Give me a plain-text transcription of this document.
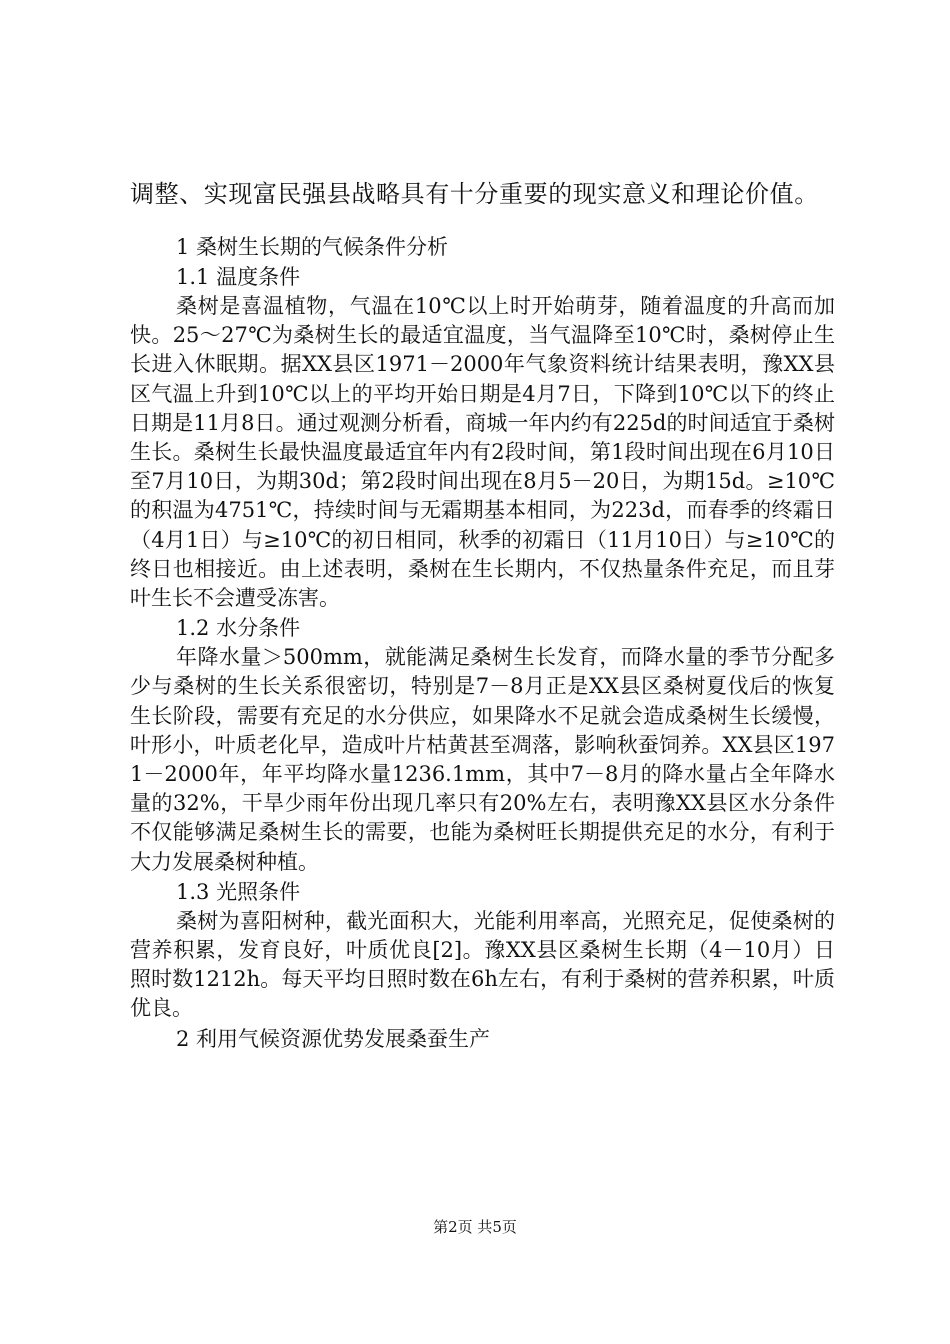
调整、实现富民强县战略具有十分重要的现实意义和理论价值。
1 桑树生长期的气候条件分析
1.1 温度条件

桑树是喜温植物，气温在10℃以上时开始萌芽，随着温度的升高而加快。25～27℃为桑树生长的最适宜温度，当气温降至10℃时，桑树停止生长进入休眠期。据XX县区1971－2000年气象资料统计结果表明，豫XX县区气温上升到10℃以上的平均开始日期是4月7日，下降到10℃以下的终止日期是11月8日。通过观测分析看，商城一年内约有225d的时间适宜于桑树生长。桑树生长最快温度最适宜年内有2段时间，第1段时间出现在6月10日至7月10日，为期30d；第2段时间出现在8月5－20日，为期15d。≥10℃的积温为4751℃，持续时间与无霜期基本相同，为223d，而春季的终霜日（4月1日）与≥10℃的初日相同，秋季的初霜日（11月10日）与≥10℃的终日也相接近。由上述表明，桑树在生长期内，不仅热量条件充足，而且芽叶生长不会遭受冻害。

1.2 水分条件

年降水量＞500mm，就能满足桑树生长发育，而降水量的季节分配多少与桑树的生长关系很密切，特别是7－8月正是XX县区桑树夏伐后的恢复生长阶段，需要有充足的水分供应，如果降水不足就会造成桑树生长缓慢，叶形小，叶质老化早，造成叶片枯黄甚至凋落，影响秋蚕饲养。XX县区1971－2000年，年平均降水量1236.1mm，其中7－8月的降水量占全年降水量的32%，干旱少雨年份出现几率只有20%左右，表明豫XX县区水分条件不仅能够满足桑树生长的需要，也能为桑树旺长期提供充足的水分，有利于大力发展桑树种植。

1.3 光照条件

桑树为喜阳树种，截光面积大，光能利用率高，光照充足，促使桑树的营养积累，发育良好，叶质优良[2]。豫XX县区桑树生长期（4－10月）日照时数1212h。每天平均日照时数在6h左右，有利于桑树的营养积累，叶质优良。

2 利用气候资源优势发展桑蚕生产
第2页 共5页
